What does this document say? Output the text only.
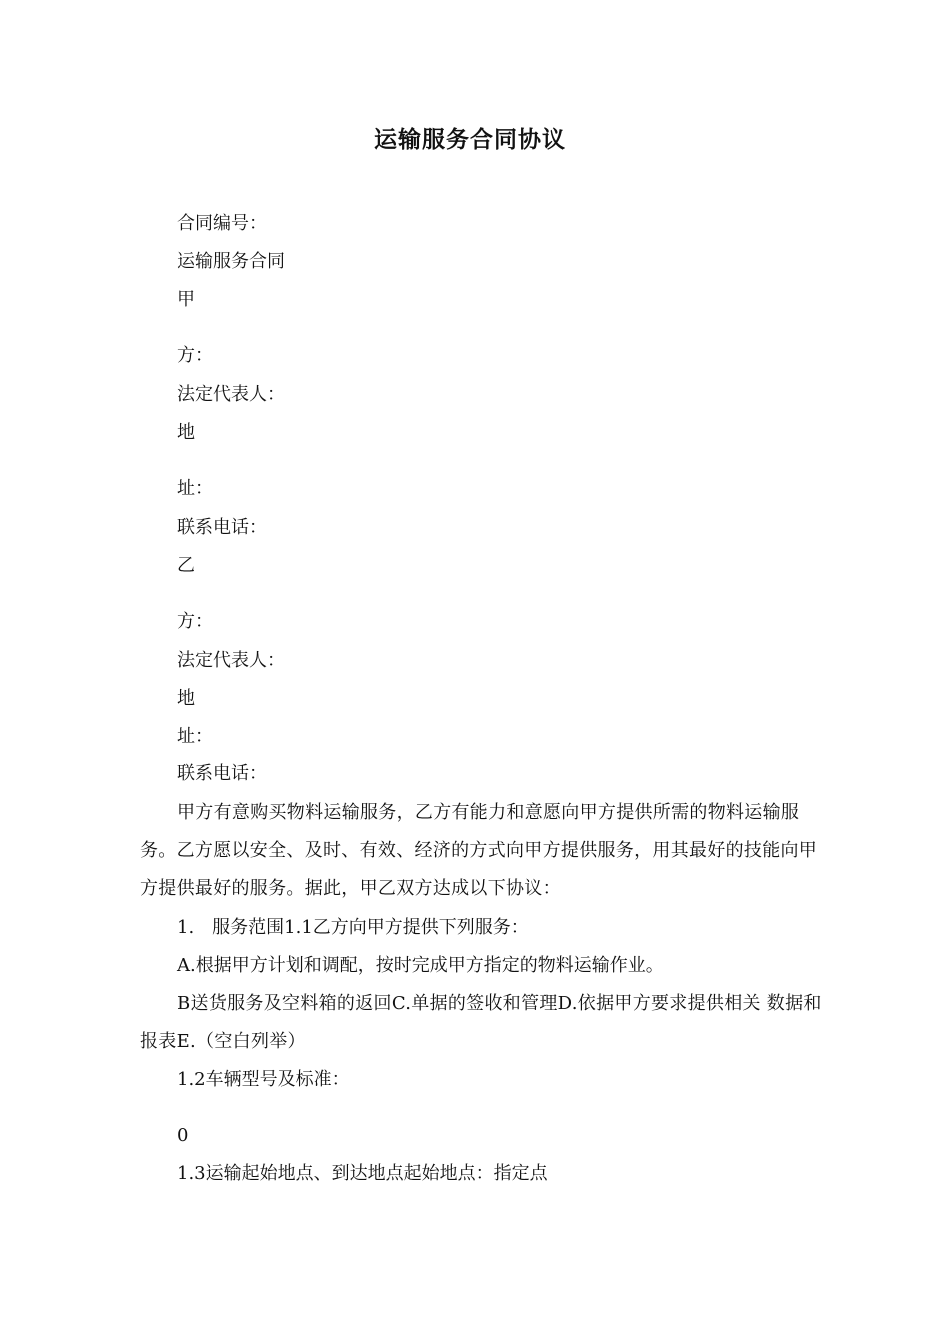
运输服务合同协议
合同编号：
运输服务合同
甲
方：
法定代表人：
地
址：
联系电话：
乙
方：
法定代表人：
地
址：
联系电话：
甲方有意购买物料运输服务，乙方有能力和意愿向甲方提供所需的物料运输服务。乙方愿以安全、及时、有效、经济的方式向甲方提供服务，用其最好的技能向甲方提供最好的服务。据此，甲乙双方达成以下协议：
1.　服务范围1.1乙方向甲方提供下列服务：
A.根据甲方计划和调配，按时完成甲方指定的物料运输作业。
B送货服务及空料箱的返回C.单据的签收和管理D.依据甲方要求提供相关 数据和报表E.（空白列举）
1.2车辆型号及标准：
0
1.3运输起始地点、到达地点起始地点：指定点
